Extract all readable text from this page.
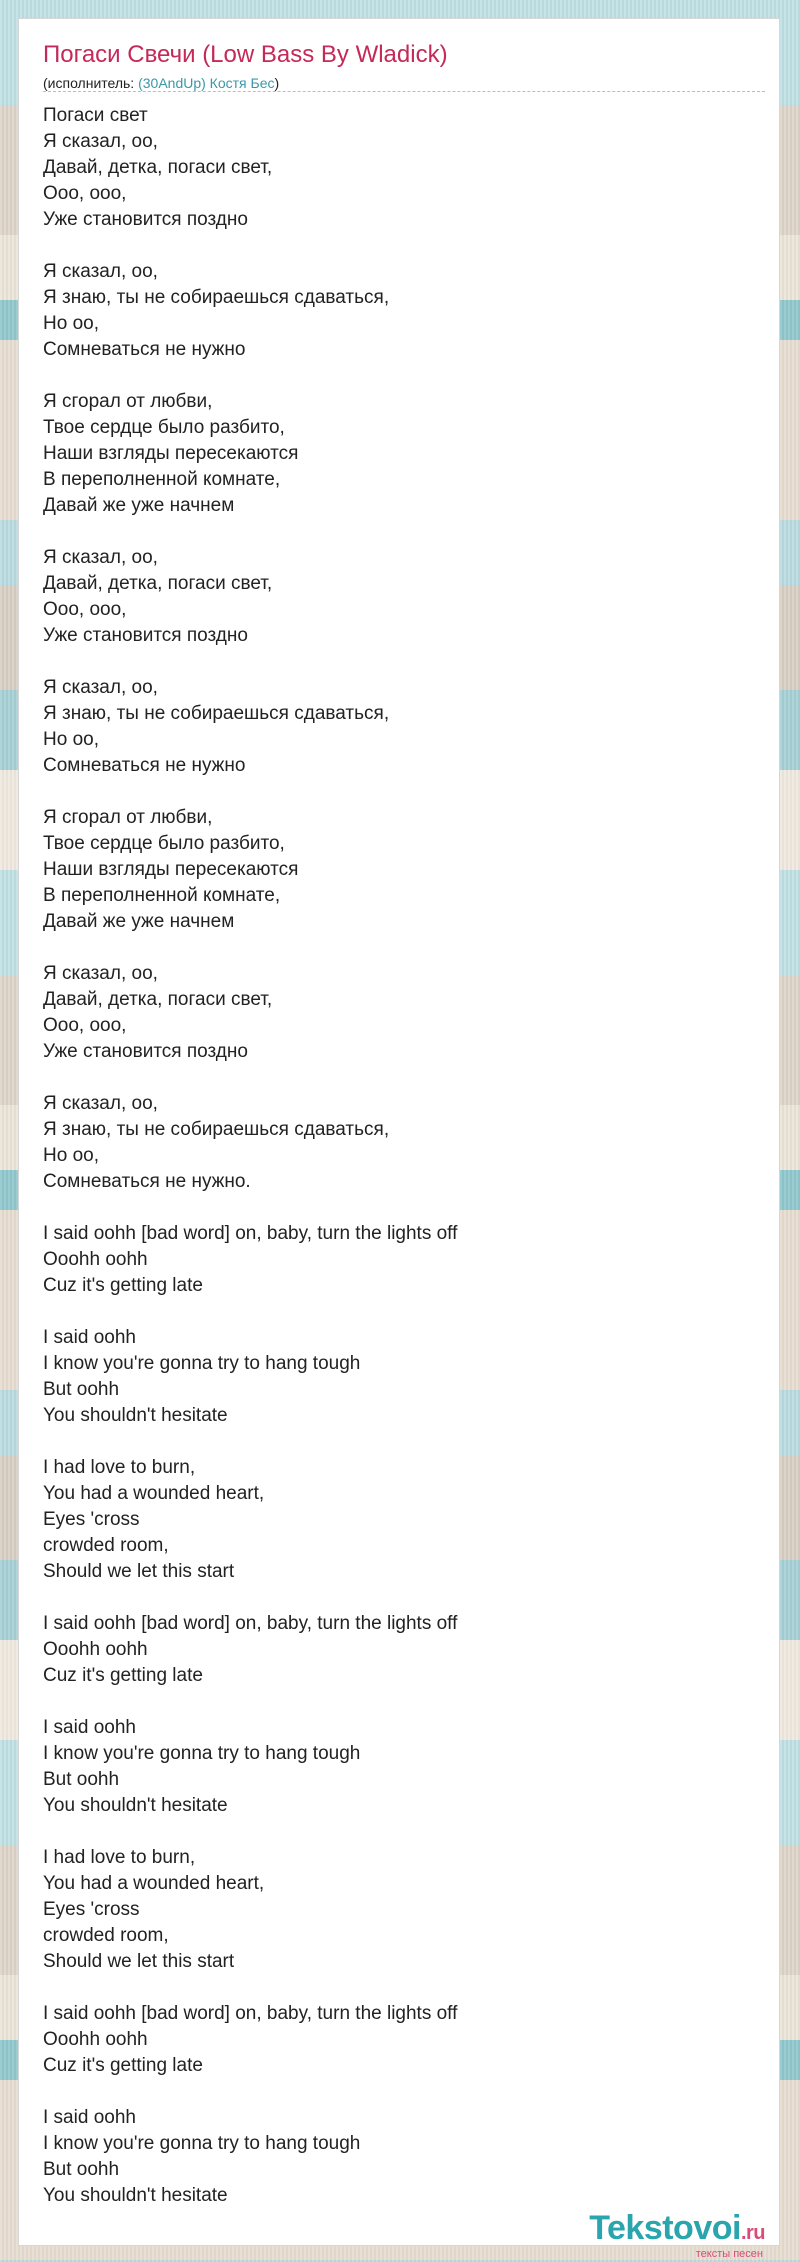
Погаси Свечи (Low Bass By Wladick)
(исполнитель: (30AndUp) Костя Бес)
Погаси свет
Я сказал, оо,
Давай, детка, погаси свет,
Ооо, ооо,
Уже становится поздно
Я сказал, оо,
Я знаю, ты не собираешься сдаваться,
Но оо,
Сомневаться не нужно
Я сгорал от любви,
Твое сердце было разбито,
Наши взгляды пересекаются
В переполненной комнате,
Давай же уже начнем
Я сказал, оо,
Давай, детка, погаси свет,
Ооо, ооо,
Уже становится поздно
Я сказал, оо,
Я знаю, ты не собираешься сдаваться,
Но оо,
Сомневаться не нужно
Я сгорал от любви,
Твое сердце было разбито,
Наши взгляды пересекаются
В переполненной комнате,
Давай же уже начнем
Я сказал, оо,
Давай, детка, погаси свет,
Ооо, ооо,
Уже становится поздно
Я сказал, оо,
Я знаю, ты не собираешься сдаваться,
Но оо,
Сомневаться не нужно.
I said oohh [bad word] on, baby, turn the lights off
Ooohh oohh
Cuz it's getting late
I said oohh
I know you're gonna try to hang tough
But oohh
You shouldn't hesitate
I had love to burn,
You had a wounded heart,
Eyes 'cross
crowded room,
Should we let this start
I said oohh [bad word] on, baby, turn the lights off
Ooohh oohh
Cuz it's getting late
I said oohh
I know you're gonna try to hang tough
But oohh
You shouldn't hesitate
I had love to burn,
You had a wounded heart,
Eyes 'cross
crowded room,
Should we let this start
I said oohh [bad word] on, baby, turn the lights off
Ooohh oohh
Cuz it's getting late
I said oohh
I know you're gonna try to hang tough
But oohh
You shouldn't hesitate
Tekstovoi.ru
тексты песен
